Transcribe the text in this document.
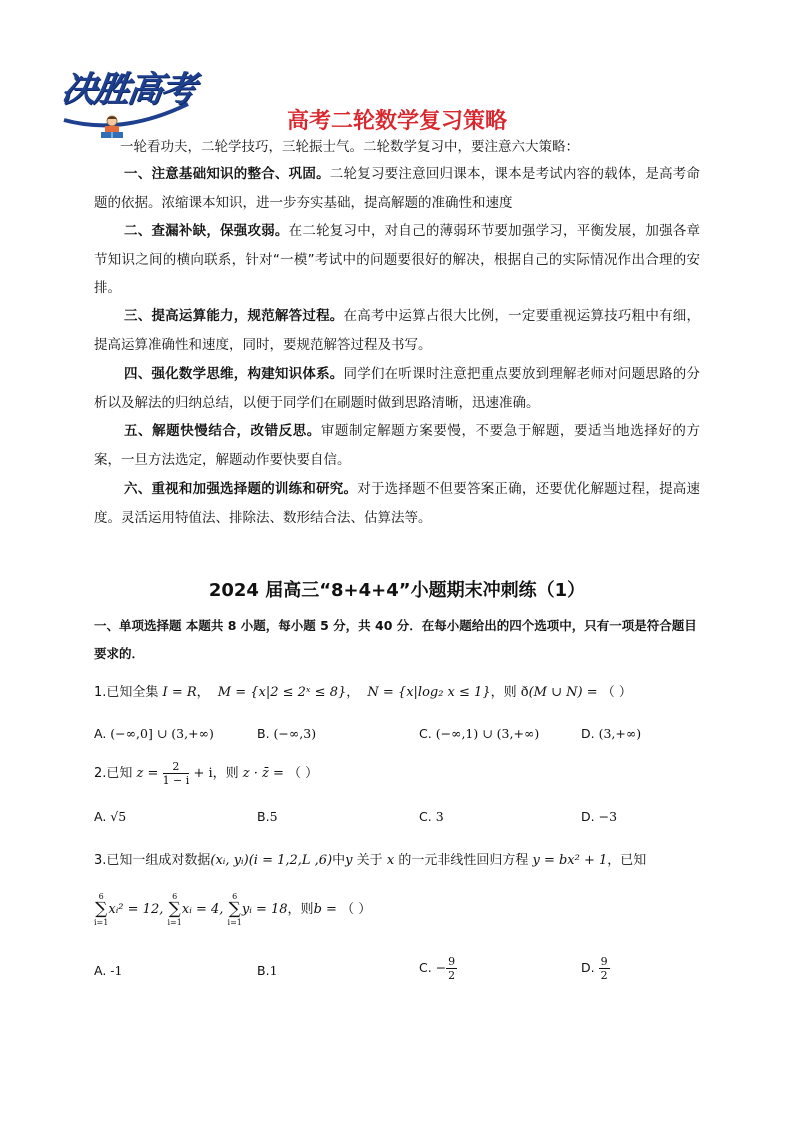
决胜高考
高考二轮数学复习策略
一轮看功夫，二轮学技巧，三轮振士气。二轮数学复习中，要注意六大策略：
一、注意基础知识的整合、巩固。二轮复习要注意回归课本，课本是考试内容的载体，是高考命题的依据。浓缩课本知识，进一步夯实基础，提高解题的准确性和速度
二、查漏补缺，保强攻弱。在二轮复习中，对自己的薄弱环节要加强学习，平衡发展，加强各章节知识之间的横向联系，针对“一模”考试中的问题要很好的解决，根据自己的实际情况作出合理的安排。
三、提高运算能力，规范解答过程。在高考中运算占很大比例，一定要重视运算技巧粗中有细，提高运算准确性和速度，同时，要规范解答过程及书写。
四、强化数学思维，构建知识体系。同学们在听课时注意把重点要放到理解老师对问题思路的分析以及解法的归纳总结，以便于同学们在刷题时做到思路清晰，迅速准确。
五、解题快慢结合，改错反思。审题制定解题方案要慢，不要急于解题，要适当地选择好的方案，一旦方法选定，解题动作要快要自信。
六、重视和加强选择题的训练和研究。对于选择题不但要答案正确，还要优化解题过程，提高速度。灵活运用特值法、排除法、数形结合法、估算法等。
2024 届高三“8+4+4”小题期末冲刺练（1）
一、单项选择题 本题共 8 小题，每小题 5 分，共 40 分．在每小题给出的四个选项中，只有一项是符合题目要求的．
1.已知全集 I = R， M = {x|2 ≤ 2ˣ ≤ 8}， N = {x|log₂ x ≤ 1}，则 ð(M ∪ N) = （ ）
A. (−∞,0] ∪ (3,+∞)	B. (−∞,3)	C. (−∞,1) ∪ (3,+∞)	D. (3,+∞)
2.已知 $z = \frac{2}{1 - i} + i$，则 z · z̄ = （ ）
A. √5	B.5	C. 3	D. −3
3.已知一组成对数据(xᵢ, yᵢ)(i = 1,2,L ,6)中y 关于 x 的一元非线性回归方程 y = bx² + 1，已知
6
∑
i=1
xᵢ² = 12,
6
∑
i=1
xᵢ = 4,
6
∑
i=1
yᵢ = 18，则b = （ ）
A. -1	B.1	C. − $\frac{9}{2}$	D. $\frac{9}{2}$
